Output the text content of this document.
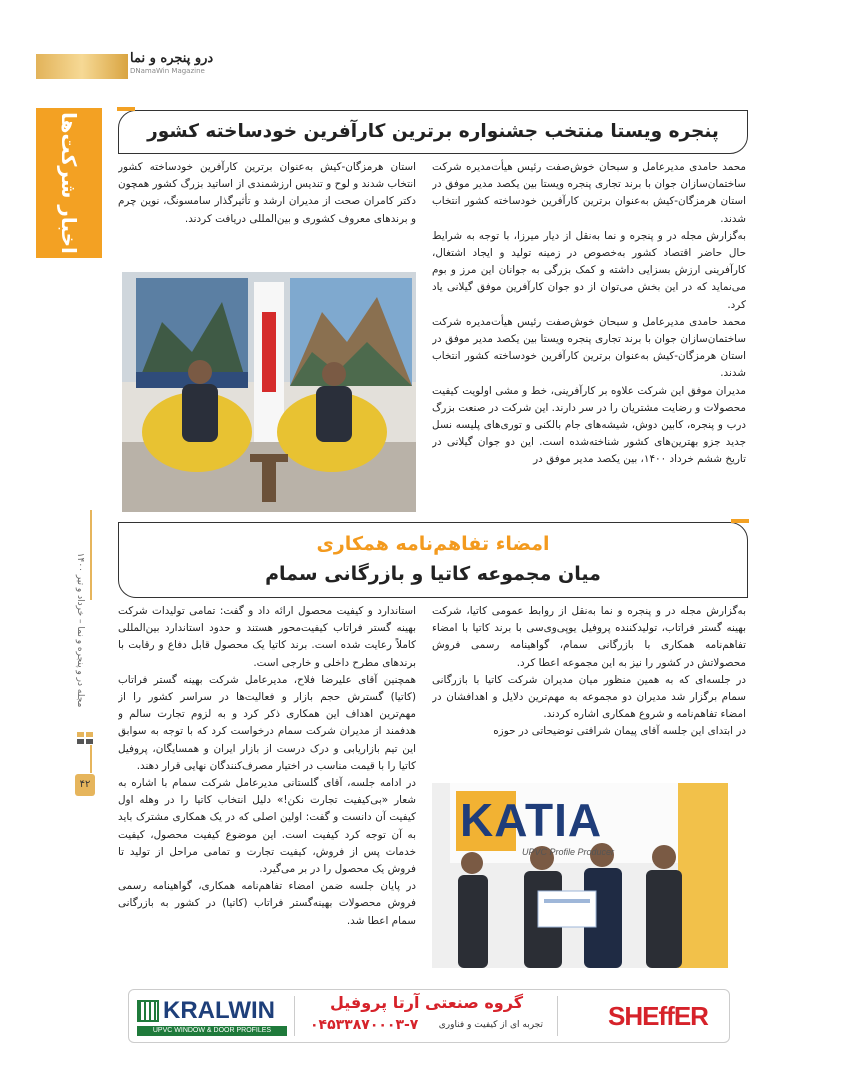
درو پنجره و نما
DNamaWin Magazine
اخبار شرکت‌ها
مجله در و پنجره و نما – خرداد و تیر ۱۴۰۰
۴۲
پنجره ویستا منتخب جشنواره برترین کارآفرین خودساخته کشور

محمد حامدی مدیرعامل و سبحان خوش‌صفت رئیس هیأت‌مدیره شرکت ساختمان‌سازان جوان با برند تجاری پنجره ویستا بین یکصد مدیر موفق در استان هرمزگان-کیش به‌عنوان برترین کارآفرین خودساخته کشور انتخاب شدند.

به‌گزارش مجله در و پنجره و نما به‌نقل از دیار میرزا، با توجه به شرایط حال حاضر اقتصاد کشور به‌خصوص در زمینه تولید و ایجاد اشتغال، کارآفرینی ارزش بسزایی داشته و کمک بزرگی به جوانان این مرز و بوم می‌نماید که در این بخش می‌توان از دو جوان کارآفرین موفق گیلانی یاد کرد.

محمد حامدی مدیرعامل و سبحان خوش‌صفت رئیس هیأت‌مدیره شرکت ساختمان‌سازان جوان با برند تجاری پنجره ویستا بین یکصد مدیر موفق در استان هرمزگان-کیش به‌عنوان برترین کارآفرین خودساخته کشور انتخاب شدند.

مدیران موفق این شرکت علاوه بر کارآفرینی، خط و مشی اولویت کیفیت محصولات و رضایت مشتریان را در سر دارند. این شرکت در صنعت بزرگ درب و پنجره، کابین دوش، شیشه‌های جام بالکنی و توری‌های پلیسه نسل جدید جزو بهترین‌های کشور شناخته‌شده است. این دو جوان گیلانی در تاریخ ششم خرداد ۱۴۰۰، بین یکصد مدیر موفق در

استان هرمزگان-کیش به‌عنوان برترین کارآفرین خودساخته کشور انتخاب شدند و لوح و تندیس ارزشمندی از اساتید بزرگ کشور همچون دکتر کامران صحت از مدیران ارشد و تأثیرگذار سامسونگ، نوین چرم و برندهای معروف کشوری و بین‌المللی دریافت کردند.

امضاء تفاهم‌نامه همکاری
میان مجموعه کاتیا و بازرگانی سمام

به‌گزارش مجله در و پنجره و نما به‌نقل از روابط عمومی کاتیا، شرکت بهینه گستر فراتاب، تولیدکننده پروفیل یوپی‌وی‌سی با برند کاتیا با امضاء تفاهم‌نامه همکاری با بازرگانی سمام، گواهینامه رسمی فروش محصولاتش در کشور را نیز به این مجموعه اعطا کرد.

در جلسه‌ای که به همین منظور میان مدیران شرکت کاتیا با بازرگانی سمام برگزار شد مدیران دو مجموعه به مهم‌ترین دلایل و اهدافشان در امضاء تفاهم‌نامه و شروع همکاری اشاره کردند.

در ابتدای این جلسه آقای پیمان شرافتی توضیحاتی در حوزه

استاندارد و کیفیت محصول ارائه داد و گفت: تمامی تولیدات شرکت بهینه گستر فراتاب کیفیت‌محور هستند و حدود استاندارد بین‌المللی کاملاً رعایت شده است. برند کاتیا یک محصول قابل دفاع و رقابت با برندهای مطرح داخلی و خارجی است.

همچنین آقای علیرضا فلاح، مدیرعامل شرکت بهینه گستر فراتاب (کاتیا) گسترش حجم بازار و فعالیت‌ها در سراسر کشور را از مهم‌ترین اهداف این همکاری ذکر کرد و به لزوم تجارت سالم و هدفمند از مدیران شرکت سمام درخواست کرد که با توجه به سوابق این تیم بازاریابی و درک درست از بازار ایران و همسایگان، پروفیل کاتیا را با قیمت مناسب در اختیار مصرف‌کنندگان نهایی قرار دهند.

در ادامه جلسه، آقای گلستانی مدیرعامل شرکت سمام با اشاره به شعار «بی‌کیفیت تجارت نکن!» دلیل انتخاب کاتیا را در وهله اول کیفیت آن دانست و گفت: اولین اصلی که در یک همکاری مشترک باید به آن توجه کرد کیفیت است. این موضوع کیفیت محصول، کیفیت خدمات پس از فروش، کیفیت تجارت و تمامی مراحل از تولید تا فروش یک محصول را در بر می‌گیرد.

در پایان جلسه ضمن امضاء تفاهم‌نامه همکاری، گواهینامه رسمی فروش محصولات بهینه‌گستر فراتاب (کاتیا) در کشور به بازرگانی سمام اعطا شد.

KATIA
UPVC Profile Producer
KRALWIN
UPVC WINDOW & DOOR PROFILES
گروه صنعتی آرتا پروفیل
۰۴۵۳۳۸۷۰۰۰۳-۷ تجربه ای از کیفیت و فناوری	SHEffER
